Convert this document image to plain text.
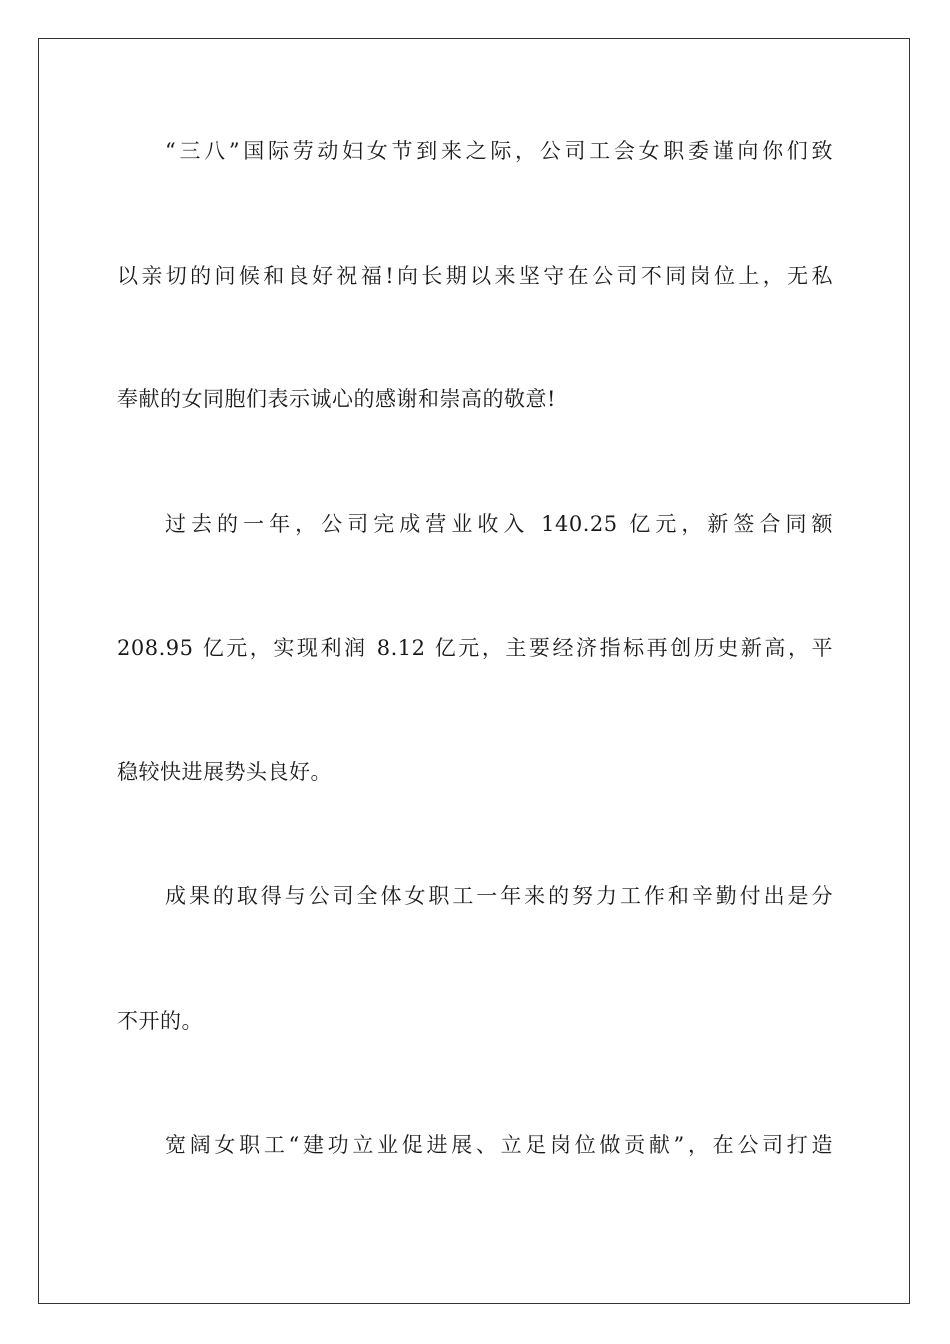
“三八”国际劳动妇女节到来之际，公司工会女职委谨向你们致
以亲切的问候和良好祝福!向长期以来坚守在公司不同岗位上，无私
奉献的女同胞们表示诚心的感谢和崇高的敬意!
过去的一年，公司完成营业收入 140.25 亿元，新签合同额
208.95 亿元，实现利润 8.12 亿元，主要经济指标再创历史新高，平
稳较快进展势头良好。
成果的取得与公司全体女职工一年来的努力工作和辛勤付出是分
不开的。
宽阔女职工“建功立业促进展、立足岗位做贡献”，在公司打造
